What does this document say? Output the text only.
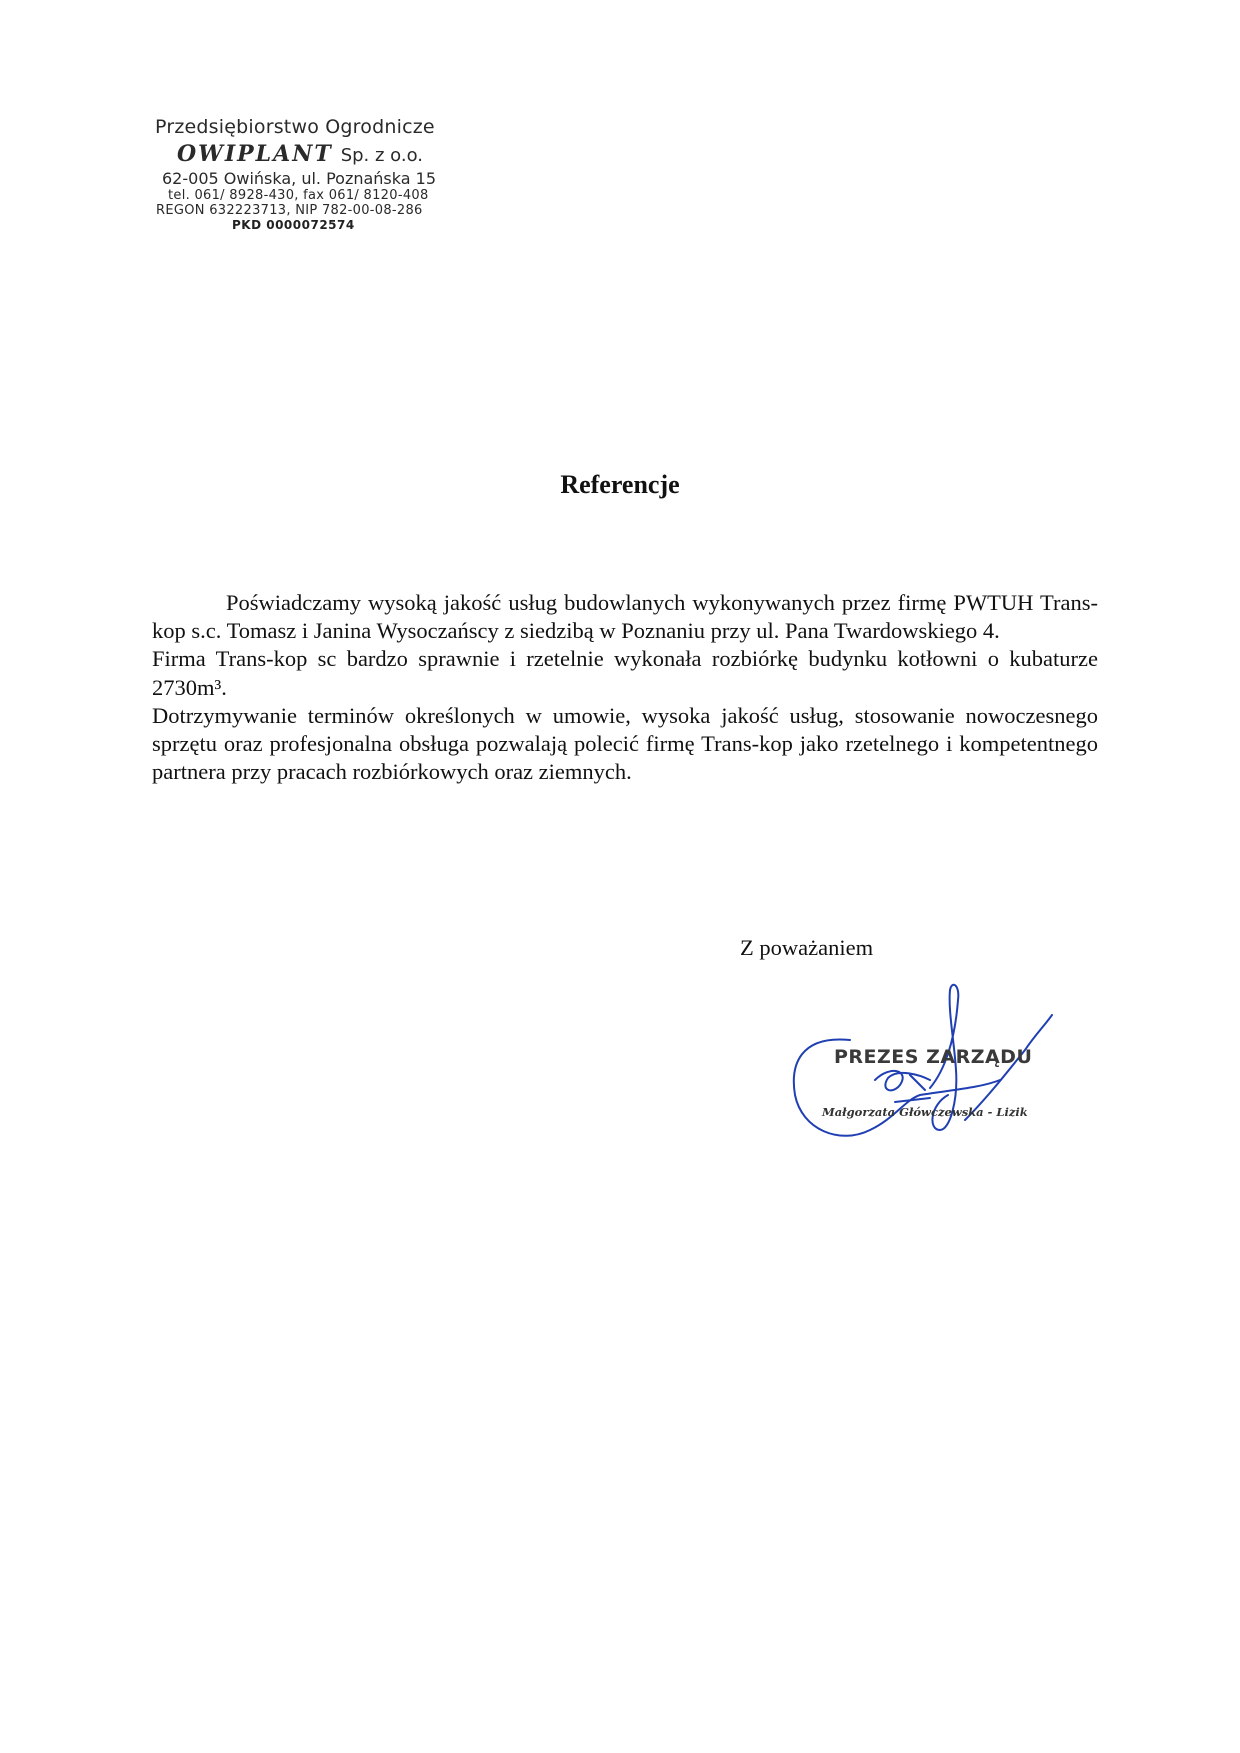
Przedsiębiorstwo Ogrodnicze
OWIPLANT Sp. z o.o.
62-005 Owińska, ul. Poznańska 15
tel. 061/ 8928-430, fax 061/ 8120-408
REGON 632223713, NIP 782-00-08-286
PKD 0000072574
Referencje

Poświadczamy wysoką jakość usług budowlanych wykonywanych przez firmę PWTUH Trans-kop s.c. Tomasz i Janina Wysoczańscy z siedzibą w Poznaniu przy ul. Pana Twardowskiego 4.

Firma Trans-kop sc bardzo sprawnie i rzetelnie wykonała rozbiórkę budynku kotłowni o kubaturze 2730m³.

Dotrzymywanie terminów określonych w umowie, wysoka jakość usług, stosowanie nowoczesnego sprzętu oraz profesjonalna obsługa pozwalają polecić firmę Trans-kop jako rzetelnego i kompetentnego partnera przy pracach rozbiórkowych oraz ziemnych.

Z poważaniem
PREZES ZARZĄDU
Małgorzata Główczewska - Lizik
